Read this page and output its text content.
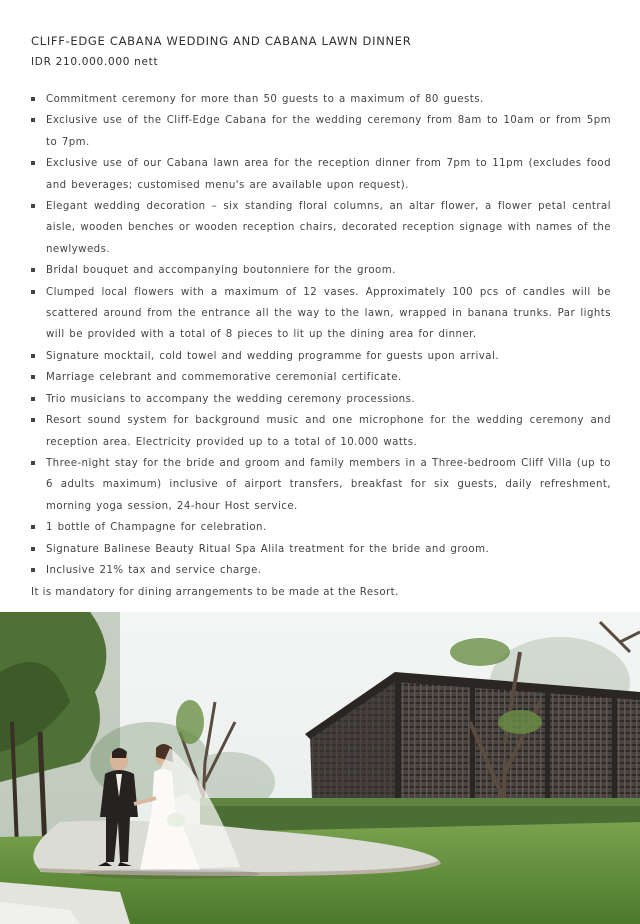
CLIFF-EDGE CABANA WEDDING AND CABANA LAWN DINNER
IDR 210.000.000 nett
Commitment ceremony for more than 50 guests to a maximum of 80 guests.
Exclusive use of the Cliff-Edge Cabana for the wedding ceremony from 8am to 10am or from 5pm to 7pm.
Exclusive use of our Cabana lawn area for the reception dinner from 7pm to 11pm (excludes food and beverages; customised menu's are available upon request).
Elegant wedding decoration – six standing floral columns, an altar flower, a flower petal central aisle, wooden benches or wooden reception chairs, decorated reception signage with names of the newlyweds.
Bridal bouquet and accompanying boutonniere for the groom.
Clumped local flowers with a maximum of 12 vases. Approximately 100 pcs of candles will be scattered around from the entrance all the way to the lawn, wrapped in banana trunks. Par lights will be provided with a total of 8 pieces to lit up the dining area for dinner.
Signature mocktail, cold towel and wedding programme for guests upon arrival.
Marriage celebrant and commemorative ceremonial certificate.
Trio musicians to accompany the wedding ceremony processions.
Resort sound system for background music and one microphone for the wedding ceremony and reception area. Electricity provided up to a total of 10.000 watts.
Three-night stay for the bride and groom and family members in a Three-bedroom Cliff Villa (up to 6 adults maximum) inclusive of airport transfers, breakfast for six guests, daily refreshment, morning yoga session, 24-hour Host service.
1 bottle of Champagne for celebration.
Signature Balinese Beauty Ritual Spa Alila treatment for the bride and groom.
Inclusive 21% tax and service charge.
It is mandatory for dining arrangements to be made at the Resort.
